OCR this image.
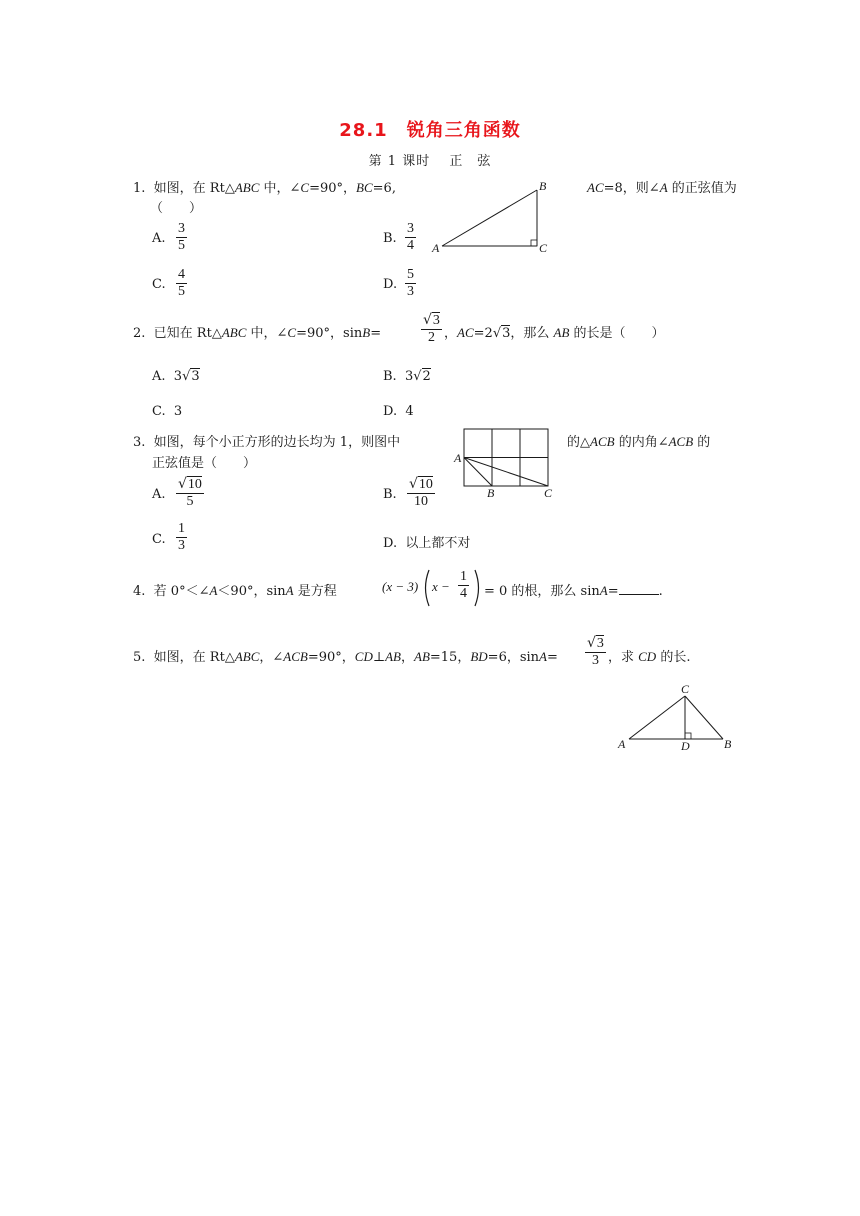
28.1　锐角三角函数
第 1 课时　 正　弦
1. 如图，在 Rt△ABC 中，∠C=90°，BC=6,	AC=8，则∠A 的正弦值为
（　　）
A
B
C
A. $\frac{3}{5}$	B. $\frac{3}{4}$
C. $\frac{4}{5}$	D. $\frac{5}{3}$
2. 已知在 Rt△ABC 中，∠C=90°，sinB=	$\frac{√3}{2}$ ，AC=2√3，那么 AB 的长是（　　）
A. 3√3	B. 3√2
C. 3	D. 4
3. 如图，每个小正方形的边长均为 1，则图中	的△ACB 的内角∠ACB 的
正弦值是（　　）	A
B	C
A. $\frac{√10}{5}$	B. $\frac{√10}{10}$
C. $\frac{1}{3}$	D. 以上都不对
4. 若 0°＜∠A＜90°，sinA 是方程	(x − 3) $x - \frac{1}{4} = 0$ 的根，那么 sinA=	.
5. 如图，在 Rt△ABC，∠ACB=90°，CD⊥AB，AB=15，BD=6，$\sin A= \frac{√3}{3}$ ，求 CD 的长.
C
A	D	B
